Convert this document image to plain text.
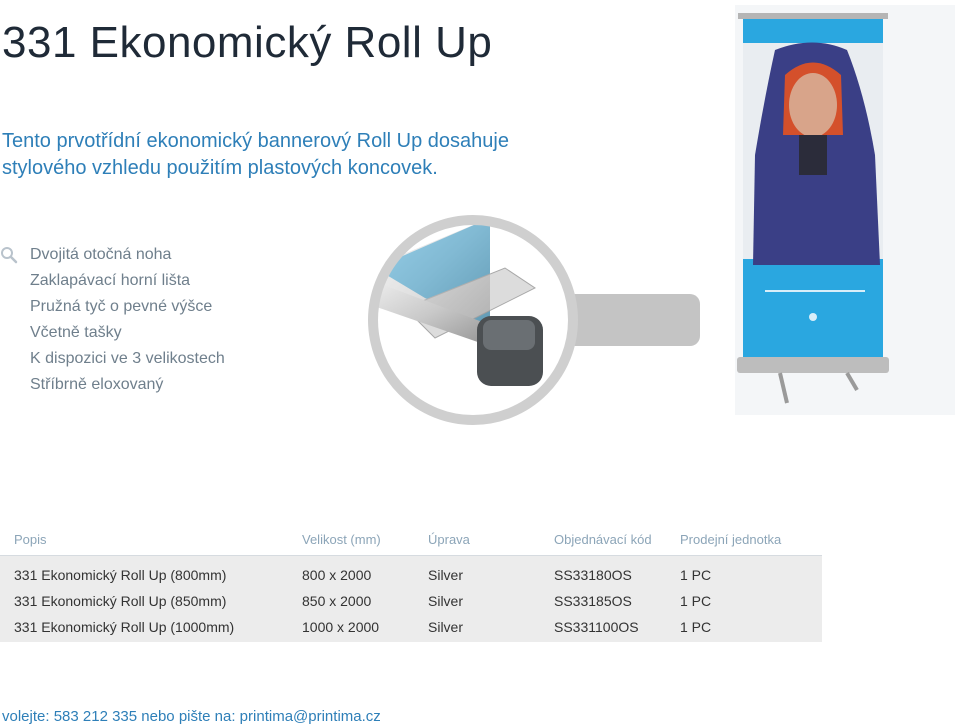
331 Ekonomický Roll Up

Tento prvotřídní ekonomický bannerový Roll Up dosahuje stylového vzhledu použitím plastových koncovek.

Dvojitá otočná noha
Zaklapávací horní lišta
Pružná tyč o pevné výšce
Včetně tašky
K dispozici ve 3 velikostech
Stříbrně eloxovaný
Popis	Velikost (mm)	Úprava	Objednávací kód	Prodejní jednotka
331 Ekonomický Roll Up (800mm)	800 x 2000	Silver	SS33180OS	1 PC
331 Ekonomický Roll Up (850mm)	850 x 2000	Silver	SS33185OS	1 PC
331 Ekonomický Roll Up (1000mm)	1000 x 2000	Silver	SS331100OS	1 PC
volejte: 583 212 335 nebo pište na: printima@printima.cz
